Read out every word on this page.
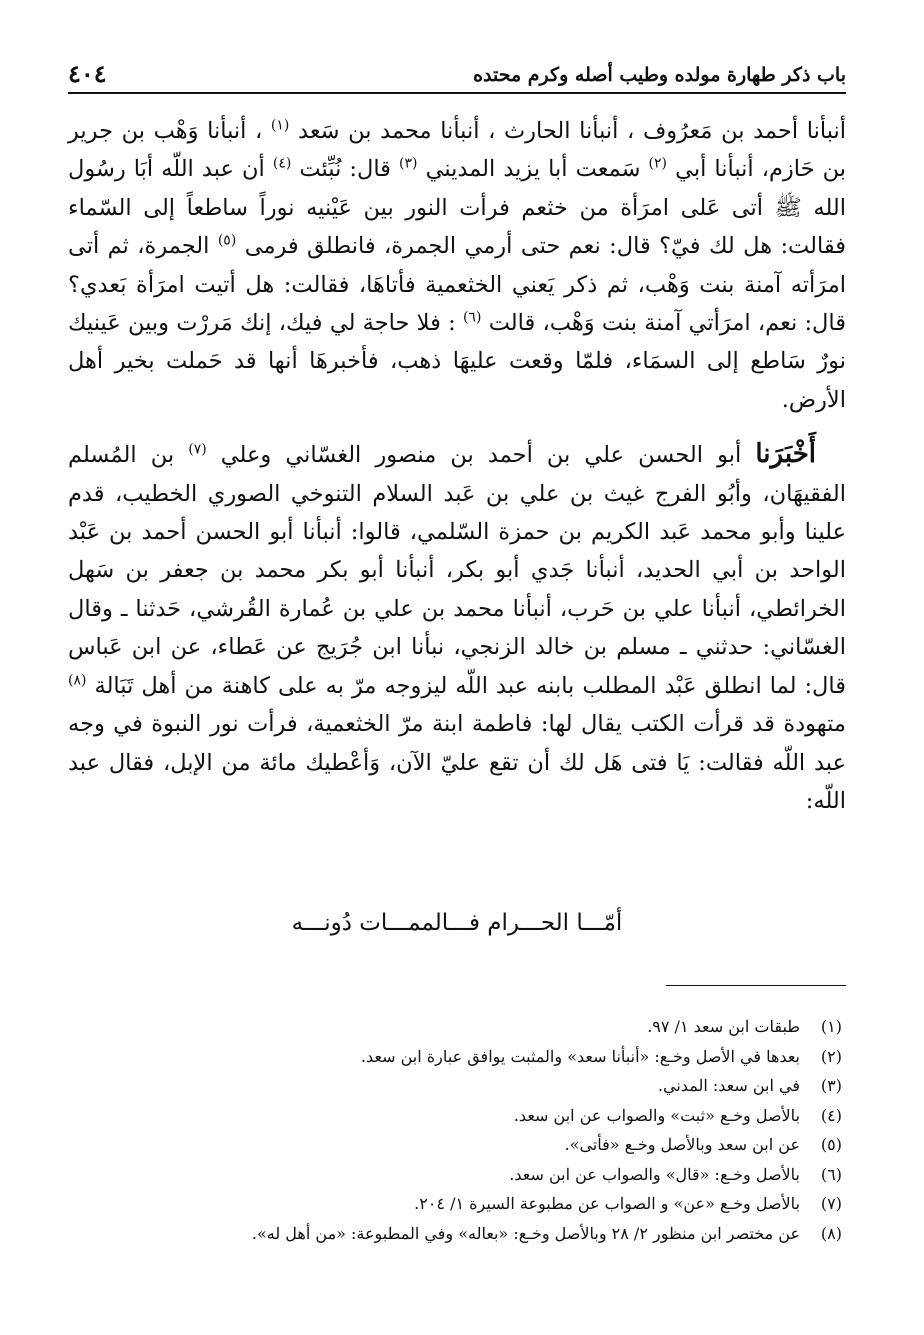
باب ذكر طهارة مولده وطيب أصله وكرم محتده
٤٠٤

أنبأنا أحمد بن مَعرُوف ، أنبأنا الحارث ، أنبأنا محمد بن سَعد $^{(١)}$ ، أنبأنا وَهْب بن جرير بن حَازم، أنبأنا أبي $^{(٢)}$ سَمعت أبا يزيد المديني $^{(٣)}$ قال: نُبِّئت $^{(٤)}$ أن عبد اللّه أبَا رسُول الله ﷺ أتى عَلى امرَأة من خثعم فرأت النور بين عَيْنيه نوراً ساطعاً إلى السّماء فقالت: هل لك فيّ؟ قال: نعم حتى أرمي الجمرة، فانطلق فرمى $^{(٥)}$ الجمرة، ثم أتى امرَأته آمنة بنت وَهْب، ثم ذكر يَعني الخثعمية فأتاهَا، فقالت: هل أتيت امرَأة بَعدي؟ قال: نعم، امرَأتي آمنة بنت وَهْب، قالت $^{(٦)}$ : فلا حاجة لي فيك، إنك مَررْت وبين عَينيك نورٌ سَاطع إلى السمَاء، فلمّا وقعت عليهَا ذهب، فأخبرهَا أنها قد حَملت بخير أهل الأرض.

أَخْبَرَنا أبو الحسن علي بن أحمد بن منصور الغسّاني وعلي $^{(٧)}$ بن المُسلم الفقيهَان، وأبُو الفرج غيث بن علي بن عَبد السلام التنوخي الصوري الخطيب، قدم علينا وأبو محمد عَبد الكريم بن حمزة السّلمي، قالوا: أنبأنا أبو الحسن أحمد بن عَبْد الواحد بن أبي الحديد، أنبأنا جَدي أبو بكر، أنبأنا أبو بكر محمد بن جعفر بن سَهل الخرائطي، أنبأنا علي بن حَرب، أنبأنا محمد بن علي بن عُمارة القُرشي، حَدثنا ـ وقال الغسّاني: حدثني ـ مسلم بن خالد الزنجي، نبأنا ابن جُرَيج عن عَطاء، عن ابن عَباس قال: لما انطلق عَبْد المطلب بابنه عبد اللّه ليزوجه مرّ به على كاهنة من أهل تَبَالة $^{(٨)}$ متهودة قد قرأت الكتب يقال لها: فاطمة ابنة مرّ الخثعمية، فرأت نور النبوة في وجه عبد اللّه فقالت: يَا فتى هَل لك أن تقع عليّ الآن، وَأعْطيك مائة من الإبل، فقال عبد اللّه:

أمّـــا الحـــرام فـــالممـــات دُونـــه
(١)
طبقات ابن سعد ١/ ٩٧.
(٢)
بعدها في الأصل وخـع: «أنبأنا سعد» والمثبت يوافق عبارة ابن سعد.
(٣)
في ابن سعد: المدني.
(٤)
بالأصل وخـع «ثبت» والصواب عن ابن سعد.
(٥)
عن ابن سعد وبالأصل وخـع «فأتى».
(٦)
بالأصل وخـع: «قال» والصواب عن ابن سعد.
(٧)
بالأصل وخـع «عن» و الصواب عن مطبوعة السيرة ١/ ٢٠٤.
(٨)
عن مختصر ابن منظور ٢/ ٢٨ وبالأصل وخـع: «بعاله» وفي المطبوعة: «من أهل له».
